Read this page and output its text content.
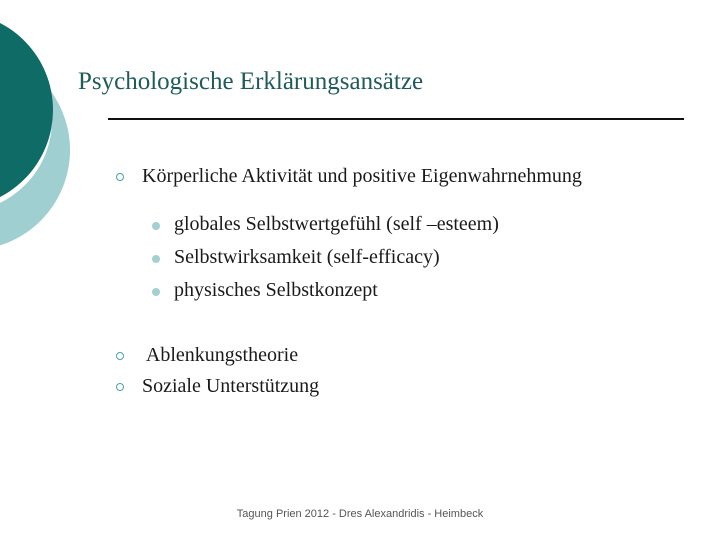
Psychologische Erklärungsansätze
Körperliche Aktivität und positive Eigenwahrnehmung
globales Selbstwertgefühl (self –esteem)
Selbstwirksamkeit (self-efficacy)
physisches Selbstkonzept
Ablenkungstheorie
Soziale Unterstützung
Tagung Prien 2012 - Dres Alexandridis - Heimbeck
